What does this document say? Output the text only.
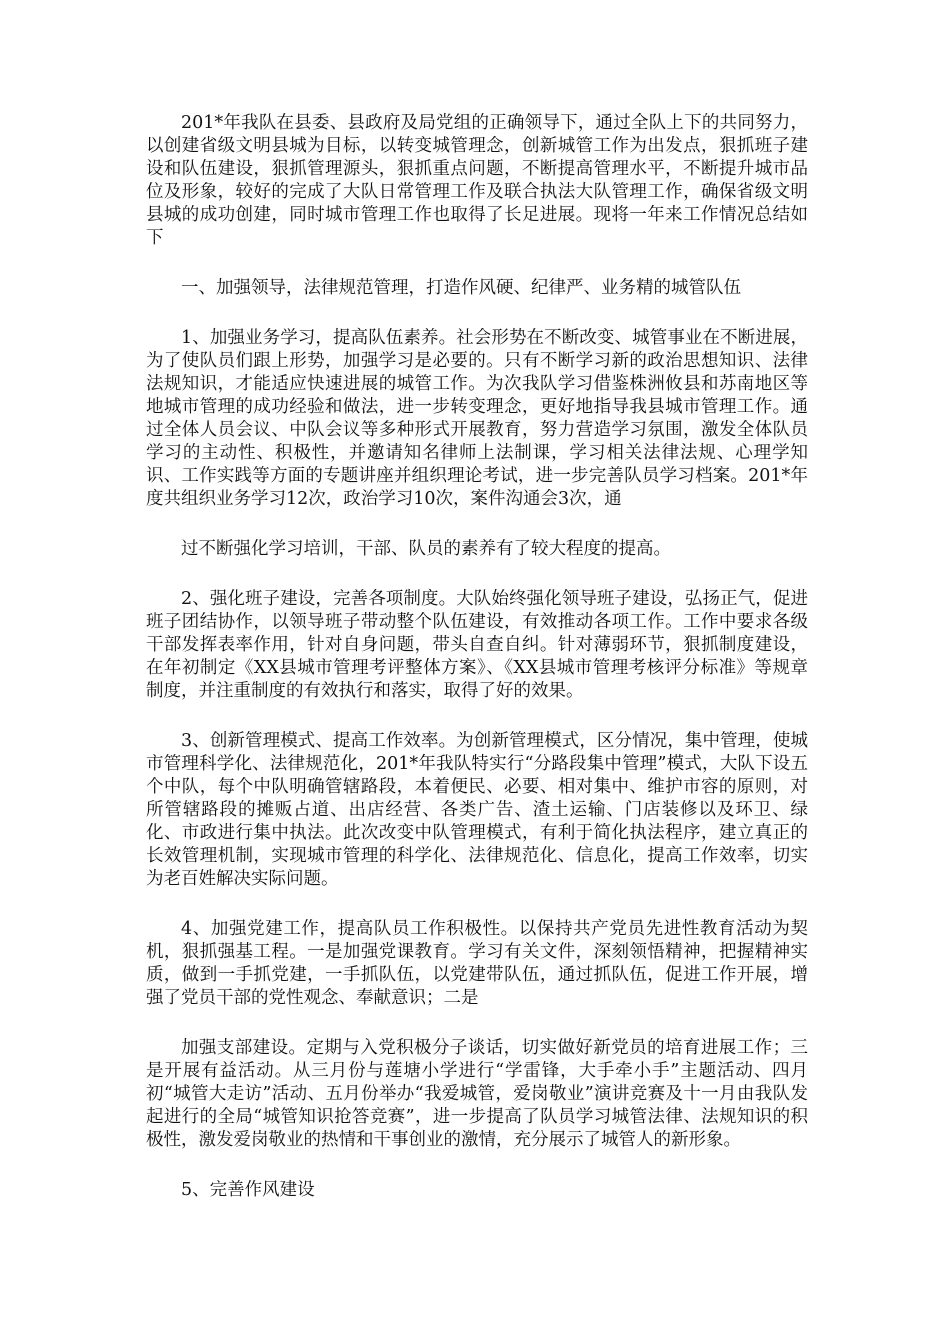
201*年我队在县委、县政府及局党组的正确领导下，通过全队上下的共同努力，以创建省级文明县城为目标，以转变城管理念，创新城管工作为出发点，狠抓班子建设和队伍建设，狠抓管理源头，狠抓重点问题，不断提高管理水平，不断提升城市品位及形象，较好的完成了大队日常管理工作及联合执法大队管理工作，确保省级文明县城的成功创建，同时城市管理工作也取得了长足进展。现将一年来工作情况总结如下

一、加强领导，法律规范管理，打造作风硬、纪律严、业务精的城管队伍

1、加强业务学习，提高队伍素养。社会形势在不断改变、城管事业在不断进展，为了使队员们跟上形势，加强学习是必要的。只有不断学习新的政治思想知识、法律法规知识，才能适应快速进展的城管工作。为次我队学习借鉴株洲攸县和苏南地区等地城市管理的成功经验和做法，进一步转变理念，更好地指导我县城市管理工作。通过全体人员会议、中队会议等多种形式开展教育，努力营造学习氛围，激发全体队员学习的主动性、积极性，并邀请知名律师上法制课，学习相关法律法规、心理学知识、工作实践等方面的专题讲座并组织理论考试，进一步完善队员学习档案。201*年度共组织业务学习12次，政治学习10次，案件沟通会3次，通

过不断强化学习培训，干部、队员的素养有了较大程度的提高。

2、强化班子建设，完善各项制度。大队始终强化领导班子建设，弘扬正气，促进班子团结协作，以领导班子带动整个队伍建设，有效推动各项工作。工作中要求各级干部发挥表率作用，针对自身问题，带头自查自纠。针对薄弱环节，狠抓制度建设，在年初制定《XX县城市管理考评整体方案》、《XX县城市管理考核评分标准》等规章制度，并注重制度的有效执行和落实，取得了好的效果。

3、创新管理模式、提高工作效率。为创新管理模式，区分情况，集中管理，使城市管理科学化、法律规范化，201*年我队特实行“分路段集中管理”模式，大队下设五个中队，每个中队明确管辖路段，本着便民、必要、相对集中、维护市容的原则，对所管辖路段的摊贩占道、出店经营、各类广告、渣土运输、门店装修以及环卫、绿化、市政进行集中执法。此次改变中队管理模式，有利于简化执法程序，建立真正的长效管理机制，实现城市管理的科学化、法律规范化、信息化，提高工作效率，切实为老百姓解决实际问题。

4、加强党建工作，提高队员工作积极性。以保持共产党员先进性教育活动为契机，狠抓强基工程。一是加强党课教育。学习有关文件，深刻领悟精神，把握精神实质，做到一手抓党建，一手抓队伍，以党建带队伍，通过抓队伍，促进工作开展，增强了党员干部的党性观念、奉献意识；二是

加强支部建设。定期与入党积极分子谈话，切实做好新党员的培育进展工作；三是开展有益活动。从三月份与莲塘小学进行“学雷锋，大手牵小手”主题活动、四月初“城管大走访”活动、五月份举办“我爱城管，爱岗敬业”演讲竞赛及十一月由我队发起进行的全局“城管知识抢答竞赛”，进一步提高了队员学习城管法律、法规知识的积极性，激发爱岗敬业的热情和干事创业的激情，充分展示了城管人的新形象。

5、完善作风建设
